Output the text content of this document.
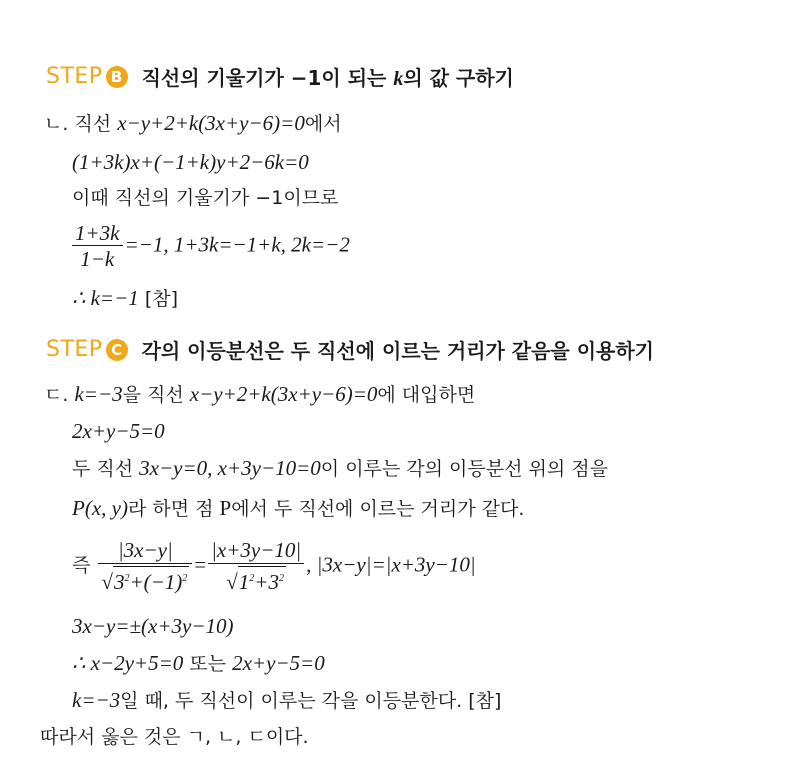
STEP B 직선의 기울기가 −1이 되는 k의 값 구하기
ㄴ. 직선 x−y+2+k(3x+y−6)=0에서
(1+3k)x+(−1+k)y+2−6k=0
이때 직선의 기울기가 −1이므로
$\frac{1+3k}{1-k} =-1$, 1+3k=−1+k, 2k=−2
∴ k=−1 [참]
STEP C 각의 이등분선은 두 직선에 이르는 거리가 같음을 이용하기
ㄷ. k=−3을 직선 x−y+2+k(3x+y−6)=0에 대입하면
2x+y−5=0
두 직선 3x−y=0, x+3y−10=0이 이루는 각의 이등분선 위의 점을
P(x, y)라 하면 점 P에서 두 직선에 이르는 거리가 같다.
즉 $\frac{|3x-y|}{√3^2+(-1)^2} = \frac{|x+3y-10|}{√1^2+3^2}$ , |3x−y|=|x+3y−10|
3x−y=±(x+3y−10)
∴ x−2y+5=0 또는 2x+y−5=0
k=−3일 때, 두 직선이 이루는 각을 이등분한다. [참]
따라서 옳은 것은 ㄱ, ㄴ, ㄷ이다.
